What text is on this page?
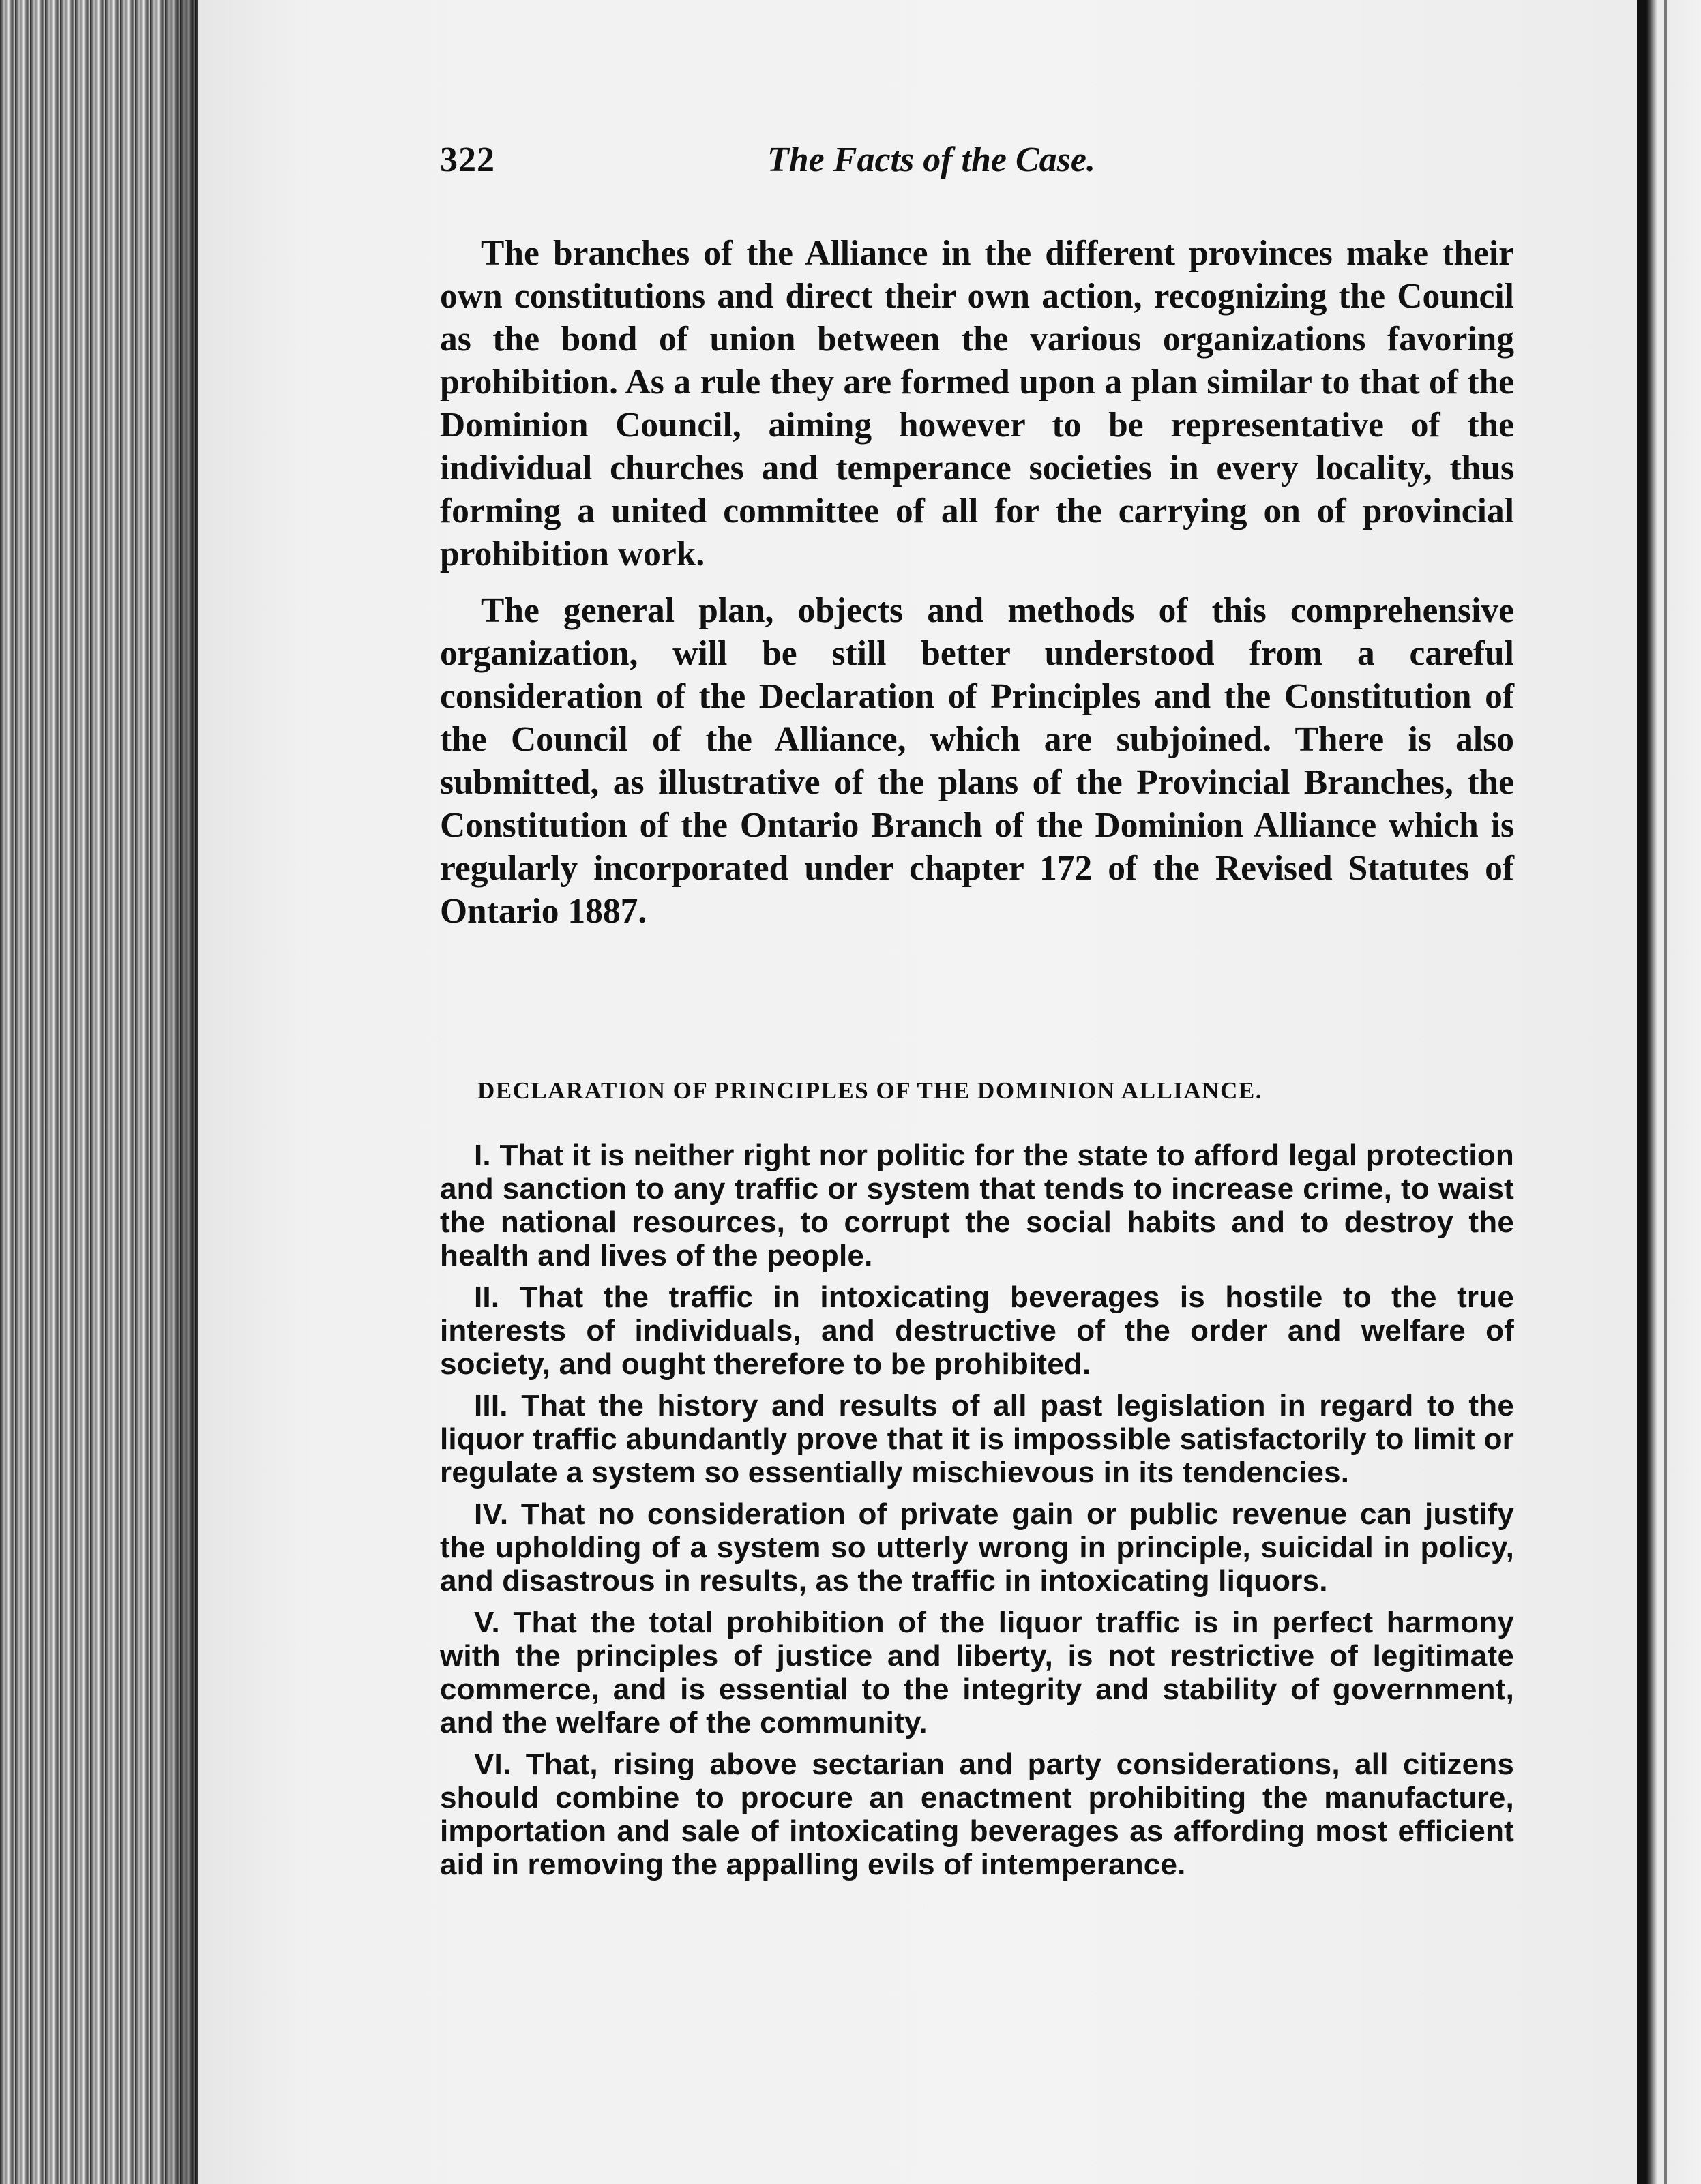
322	The Facts of the Case.

The branches of the Alliance in the different provinces make their own constitutions and direct their own action, recognizing the Council as the bond of union between the various organizations favoring prohibition. As a rule they are formed upon a plan similar to that of the Dominion Council, aiming however to be representative of the individual churches and temperance societies in every locality, thus forming a united committee of all for the carrying on of provincial prohibition work.

The general plan, objects and methods of this comprehensive organization, will be still better understood from a careful consideration of the Declaration of Principles and the Constitution of the Council of the Alliance, which are subjoined. There is also submitted, as illustrative of the plans of the Provincial Branches, the Constitution of the Ontario Branch of the Dominion Alliance which is regularly incorporated under chapter 172 of the Revised Statutes of Ontario 1887.

DECLARATION OF PRINCIPLES OF THE DOMINION ALLIANCE.

I. That it is neither right nor politic for the state to afford legal protection and sanction to any traffic or system that tends to increase crime, to waist the national resources, to corrupt the social habits and to destroy the health and lives of the people.

II. That the traffic in intoxicating beverages is hostile to the true interests of individuals, and destructive of the order and welfare of society, and ought therefore to be prohibited.

III. That the history and results of all past legislation in regard to the liquor traffic abundantly prove that it is impossible satisfactorily to limit or regulate a system so essentially mischievous in its tendencies.

IV. That no consideration of private gain or public revenue can justify the upholding of a system so utterly wrong in principle, suicidal in policy, and disastrous in results, as the traffic in intoxicating liquors.

V. That the total prohibition of the liquor traffic is in perfect harmony with the principles of justice and liberty, is not restrictive of legitimate commerce, and is essential to the integrity and stability of government, and the welfare of the community.

VI. That, rising above sectarian and party considerations, all citizens should combine to procure an enactment prohibiting the manufacture, importation and sale of intoxicating beverages as affording most efficient aid in removing the appalling evils of intemperance.
